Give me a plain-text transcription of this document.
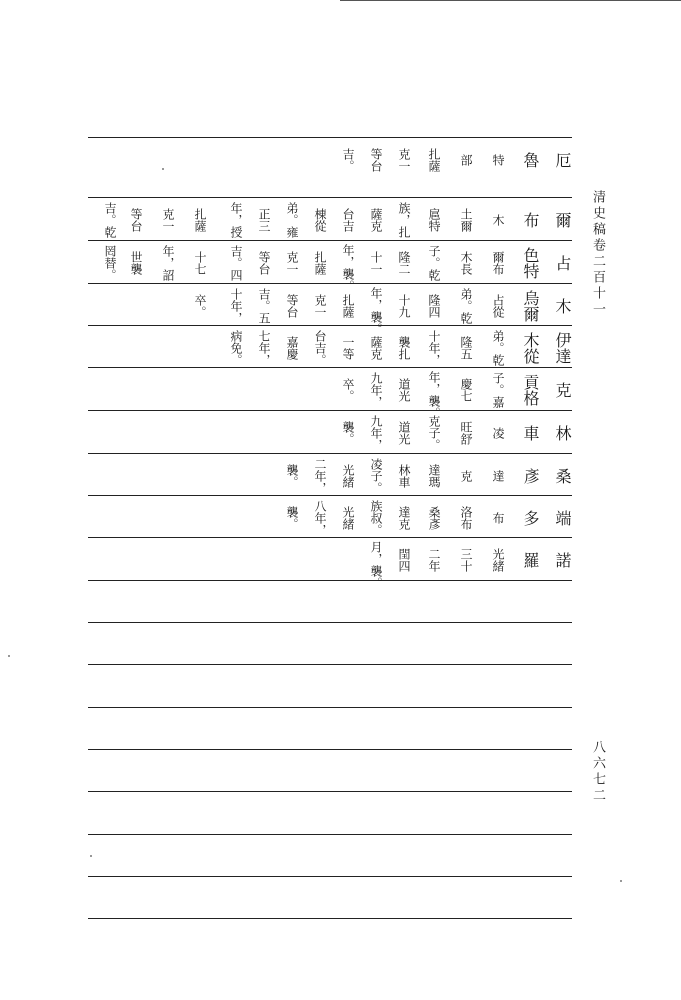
清史稿卷二百十一
八六七二
厄
爾
占
木
伊達
克
林
桑
端
諾
魯
布
色特
烏爾
木從
貢格
車
彥
多
羅
特
木
爾布
占從
弟。乾
子。嘉
凌
達
布
光緒
部
土爾
木長
弟。乾
隆五
慶七
旺舒
克
洛布
三十
扎薩
扈特
子。乾
隆四
十年，
年，襲。
克子。
達瑪
桑彥
二年
克一
族，扎
隆二
十九
襲扎
道光
道光
林車
達克
閏四
等台
薩克
十一
年，襲。
薩克
九年，
九年，
凌子。
族叔。
月，襲。
吉。
台吉
年，襲。
扎薩
一等
卒。
襲。
光緒
光緒
棟從
扎薩
克一
台吉。
二年，
八年，
弟。雍
克一
等台
嘉慶
襲。
襲。
正三
等台
吉。五
七年，
年，授
吉。四
十年，
病免。
扎薩
十七
卒。
克一
年，詔
等台
世襲
吉。乾
罔替。
